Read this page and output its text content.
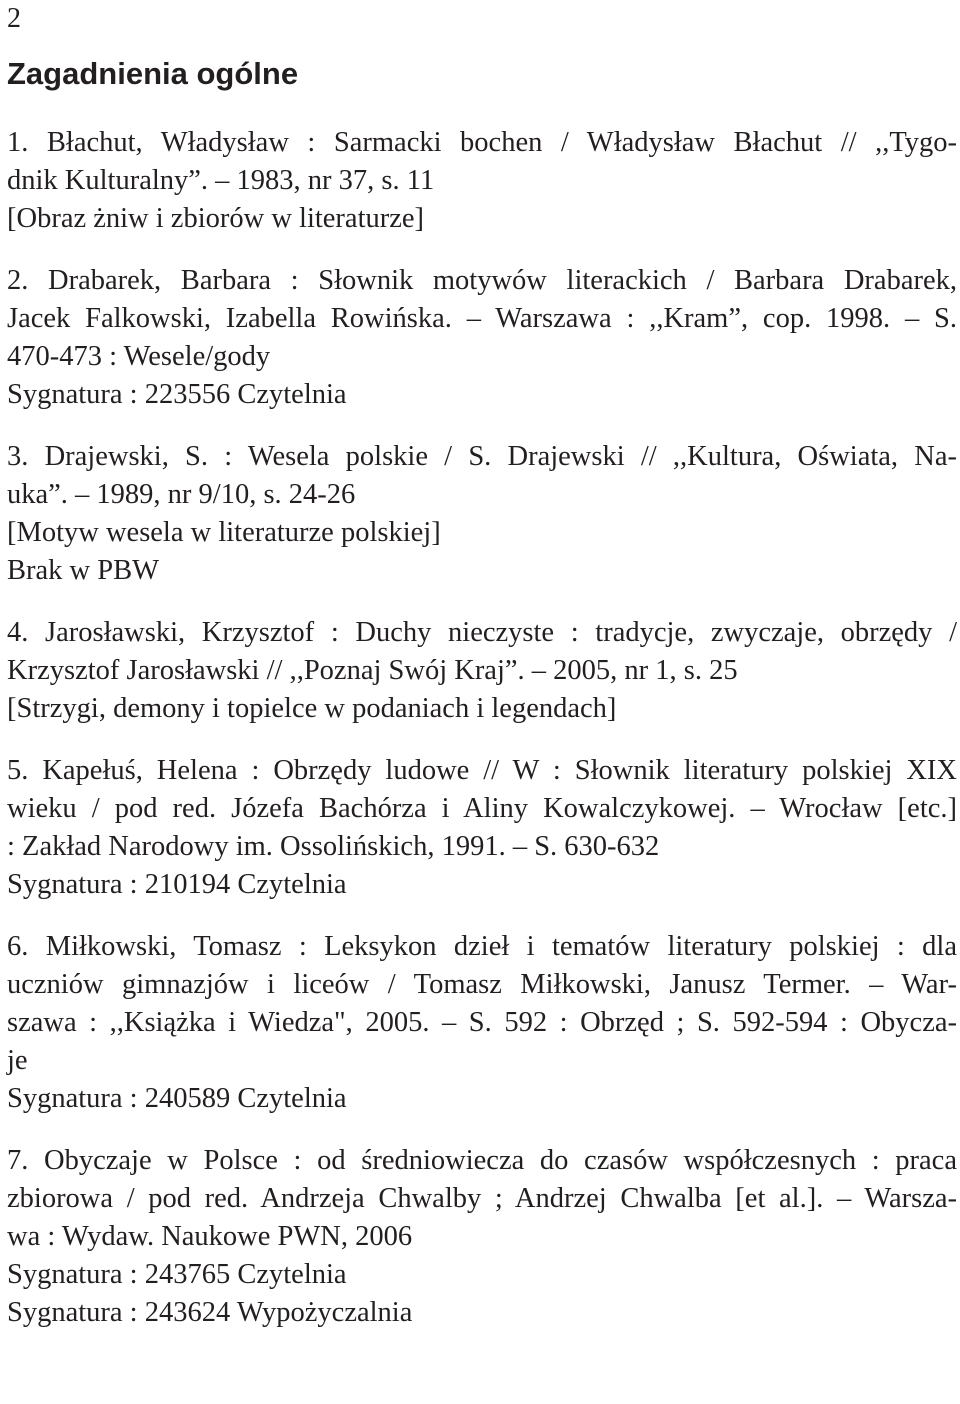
2
Zagadnienia ogólne
1. Błachut, Władysław : Sarmacki bochen / Władysław Błachut // ,,Tygo-
dnik Kulturalny”. – 1983, nr 37, s. 11
[Obraz żniw i zbiorów w literaturze]
2. Drabarek, Barbara : Słownik motywów literackich / Barbara Drabarek,
Jacek Falkowski, Izabella Rowińska. – Warszawa : ,,Kram”, cop. 1998. – S.
470-473 : Wesele/gody
Sygnatura : 223556 Czytelnia
3. Drajewski, S. : Wesela polskie / S. Drajewski // ,,Kultura, Oświata, Na-
uka”. – 1989, nr 9/10, s. 24-26
[Motyw wesela w literaturze polskiej]
Brak w PBW
4. Jarosławski, Krzysztof : Duchy nieczyste : tradycje, zwyczaje, obrzędy /
Krzysztof Jarosławski // ,,Poznaj Swój Kraj”. – 2005, nr 1, s. 25
[Strzygi, demony i topielce w podaniach i legendach]
5. Kapełuś, Helena : Obrzędy ludowe // W : Słownik literatury polskiej XIX
wieku / pod red. Józefa Bachórza i Aliny Kowalczykowej. – Wrocław [etc.]
: Zakład Narodowy im. Ossolińskich, 1991. – S. 630-632
Sygnatura : 210194 Czytelnia
6. Miłkowski, Tomasz : Leksykon dzieł i tematów literatury polskiej : dla
uczniów gimnazjów i liceów / Tomasz Miłkowski, Janusz Termer. – War-
szawa : ,,Książka i Wiedza", 2005. – S. 592 : Obrzęd ; S. 592-594 : Obycza-
je
Sygnatura : 240589 Czytelnia
7. Obyczaje w Polsce : od średniowiecza do czasów współczesnych : praca
zbiorowa / pod red. Andrzeja Chwalby ; Andrzej Chwalba [et al.]. – Warsza-
wa : Wydaw. Naukowe PWN, 2006
Sygnatura : 243765 Czytelnia
Sygnatura : 243624 Wypożyczalnia
